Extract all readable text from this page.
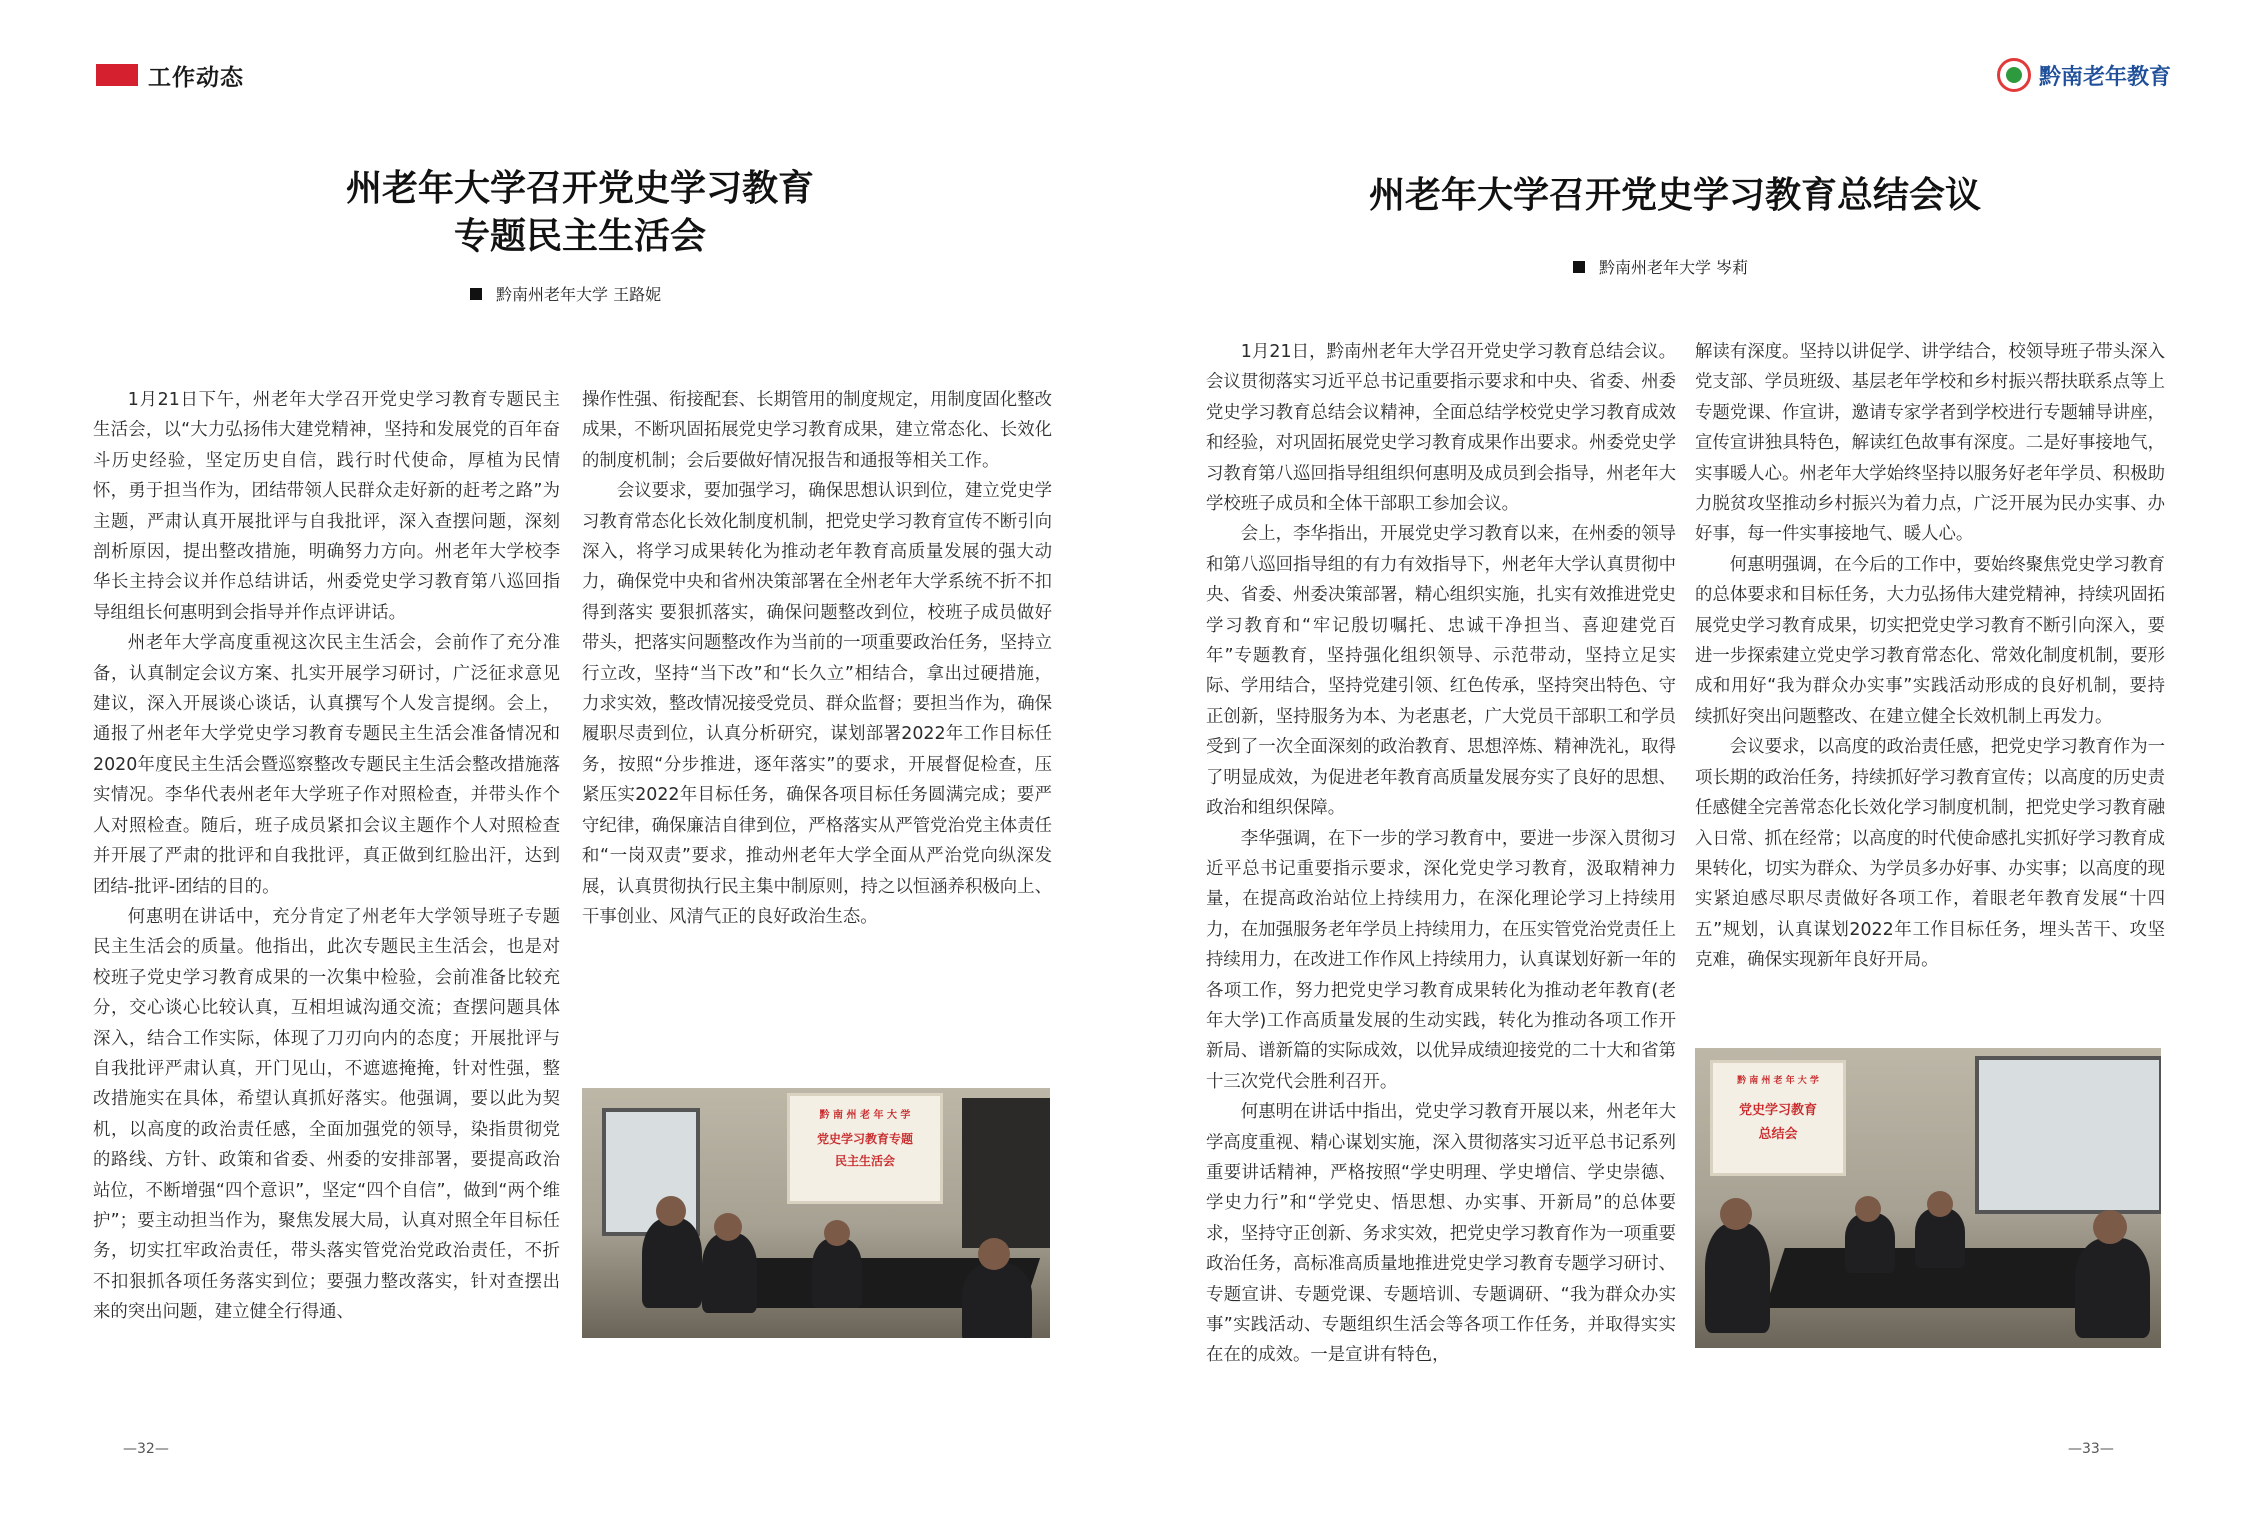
工作动态
州老年大学召开党史学习教育
专题民主生活会
黔南州老年大学 王路妮

1月21日下午，州老年大学召开党史学习教育专题民主生活会，以“大力弘扬伟大建党精神，坚持和发展党的百年奋斗历史经验，坚定历史自信，践行时代使命，厚植为民情怀，勇于担当作为，团结带领人民群众走好新的赶考之路”为主题，严肃认真开展批评与自我批评，深入查摆问题，深刻剖析原因，提出整改措施，明确努力方向。州老年大学校李华长主持会议并作总结讲话，州委党史学习教育第八巡回指导组组长何惠明到会指导并作点评讲话。

州老年大学高度重视这次民主生活会，会前作了充分准备，认真制定会议方案、扎实开展学习研讨，广泛征求意见建议，深入开展谈心谈话，认真撰写个人发言提纲。会上，通报了州老年大学党史学习教育专题民主生活会准备情况和2020年度民主生活会暨巡察整改专题民主生活会整改措施落实情况。李华代表州老年大学班子作对照检查，并带头作个人对照检查。随后，班子成员紧扣会议主题作个人对照检查并开展了严肃的批评和自我批评，真正做到红脸出汗，达到团结-批评-团结的目的。

何惠明在讲话中，充分肯定了州老年大学领导班子专题民主生活会的质量。他指出，此次专题民主生活会，也是对校班子党史学习教育成果的一次集中检验，会前准备比较充分，交心谈心比较认真，互相坦诚沟通交流；查摆问题具体深入，结合工作实际，体现了刀刃向内的态度；开展批评与自我批评严肃认真，开门见山，不遮遮掩掩，针对性强，整改措施实在具体，希望认真抓好落实。他强调，要以此为契机，以高度的政治责任感，全面加强党的领导，染指贯彻党的路线、方针、政策和省委、州委的安排部署，要提高政治站位，不断增强“四个意识”，坚定“四个自信”，做到“两个维护”；要主动担当作为，聚焦发展大局，认真对照全年目标任务，切实扛牢政治责任，带头落实管党治党政治责任，不折不扣狠抓各项任务落实到位；要强力整改落实，针对查摆出来的突出问题，建立健全行得通、

操作性强、衔接配套、长期管用的制度规定，用制度固化整改成果，不断巩固拓展党史学习教育成果，建立常态化、长效化的制度机制；会后要做好情况报告和通报等相关工作。

会议要求，要加强学习，确保思想认识到位，建立党史学习教育常态化长效化制度机制，把党史学习教育宣传不断引向深入，将学习成果转化为推动老年教育高质量发展的强大动力，确保党中央和省州决策部署在全州老年大学系统不折不扣得到落实 要狠抓落实，确保问题整改到位，校班子成员做好带头，把落实问题整改作为当前的一项重要政治任务，坚持立行立改，坚持“当下改”和“长久立”相结合，拿出过硬措施，力求实效，整改情况接受党员、群众监督；要担当作为，确保履职尽责到位，认真分析研究，谋划部署2022年工作目标任务，按照“分步推进，逐年落实”的要求，开展督促检查，压紧压实2022年目标任务，确保各项目标任务圆满完成；要严守纪律，确保廉洁自律到位，严格落实从严管党治党主体责任和“一岗双责”要求，推动州老年大学全面从严治党向纵深发展，认真贯彻执行民主集中制原则，持之以恒涵养积极向上、干事创业、风清气正的良好政治生态。

黔 南 州 老 年 大 学
党史学习教育专题
民主生活会
—32—
黔南老年教育
州老年大学召开党史学习教育总结会议
黔南州老年大学 岑莉

1月21日，黔南州老年大学召开党史学习教育总结会议。会议贯彻落实习近平总书记重要指示要求和中央、省委、州委党史学习教育总结会议精神，全面总结学校党史学习教育成效和经验，对巩固拓展党史学习教育成果作出要求。州委党史学习教育第八巡回指导组组织何惠明及成员到会指导，州老年大学校班子成员和全体干部职工参加会议。

会上，李华指出，开展党史学习教育以来，在州委的领导和第八巡回指导组的有力有效指导下，州老年大学认真贯彻中央、省委、州委决策部署，精心组织实施，扎实有效推进党史学习教育和“牢记殷切嘱托、忠诚干净担当、喜迎建党百年”专题教育，坚持强化组织领导、示范带动，坚持立足实际、学用结合，坚持党建引领、红色传承，坚持突出特色、守正创新，坚持服务为本、为老惠老，广大党员干部职工和学员受到了一次全面深刻的政治教育、思想淬炼、精神洗礼，取得了明显成效，为促进老年教育高质量发展夯实了良好的思想、政治和组织保障。

李华强调，在下一步的学习教育中，要进一步深入贯彻习近平总书记重要指示要求，深化党史学习教育，汲取精神力量，在提高政治站位上持续用力，在深化理论学习上持续用力，在加强服务老年学员上持续用力，在压实管党治党责任上持续用力，在改进工作作风上持续用力，认真谋划好新一年的各项工作，努力把党史学习教育成果转化为推动老年教育(老年大学)工作高质量发展的生动实践，转化为推动各项工作开新局、谱新篇的实际成效，以优异成绩迎接党的二十大和省第十三次党代会胜利召开。

何惠明在讲话中指出，党史学习教育开展以来，州老年大学高度重视、精心谋划实施，深入贯彻落实习近平总书记系列重要讲话精神，严格按照“学史明理、学史增信、学史崇德、学史力行”和“学党史、悟思想、办实事、开新局”的总体要求，坚持守正创新、务求实效，把党史学习教育作为一项重要政治任务，高标准高质量地推进党史学习教育专题学习研讨、专题宣讲、专题党课、专题培训、专题调研、“我为群众办实事”实践活动、专题组织生活会等各项工作任务，并取得实实在在的成效。一是宣讲有特色，

解读有深度。坚持以讲促学、讲学结合，校领导班子带头深入党支部、学员班级、基层老年学校和乡村振兴帮扶联系点等上专题党课、作宣讲，邀请专家学者到学校进行专题辅导讲座，宣传宣讲独具特色，解读红色故事有深度。二是好事接地气，实事暖人心。州老年大学始终坚持以服务好老年学员、积极助力脱贫攻坚推动乡村振兴为着力点，广泛开展为民办实事、办好事，每一件实事接地气、暖人心。

何惠明强调，在今后的工作中，要始终聚焦党史学习教育的总体要求和目标任务，大力弘扬伟大建党精神，持续巩固拓展党史学习教育成果，切实把党史学习教育不断引向深入，要进一步探索建立党史学习教育常态化、常效化制度机制，要形成和用好“我为群众办实事”实践活动形成的良好机制，要持续抓好突出问题整改、在建立健全长效机制上再发力。

会议要求，以高度的政治责任感，把党史学习教育作为一项长期的政治任务，持续抓好学习教育宣传；以高度的历史责任感健全完善常态化长效化学习制度机制，把党史学习教育融入日常、抓在经常；以高度的时代使命感扎实抓好学习教育成果转化，切实为群众、为学员多办好事、办实事；以高度的现实紧迫感尽职尽责做好各项工作，着眼老年教育发展“十四五”规划，认真谋划2022年工作目标任务，埋头苦干、攻坚克难，确保实现新年良好开局。

黔 南 州 老 年 大 学
党史学习教育
总结会
—33—
